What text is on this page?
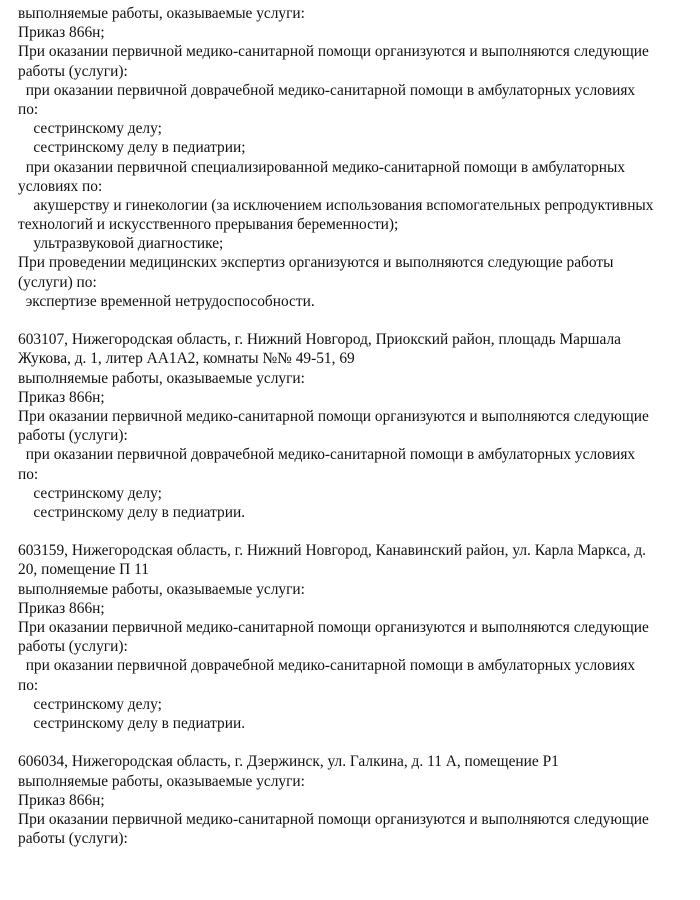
выполняемые работы, оказываемые услуги:

Приказ 866н;

При оказании первичной медико-санитарной помощи организуются и выполняются следующие

работы (услуги):

при оказании первичной доврачебной медико-санитарной помощи в амбулаторных условиях

по:

сестринскому делу;

сестринскому делу в педиатрии;

при оказании первичной специализированной медико-санитарной помощи в амбулаторных

условиях по:

акушерству и гинекологии (за исключением использования вспомогательных репродуктивных

технологий и искусственного прерывания беременности);

ультразвуковой диагностике;

При проведении медицинских экспертиз организуются и выполняются следующие работы

(услуги) по:

экспертизе временной нетрудоспособности.

603107, Нижегородская область, г. Нижний Новгород, Приокский район, площадь Маршала

Жукова, д. 1, литер АА1А2, комнаты №№ 49-51, 69

выполняемые работы, оказываемые услуги:

Приказ 866н;

При оказании первичной медико-санитарной помощи организуются и выполняются следующие

работы (услуги):

при оказании первичной доврачебной медико-санитарной помощи в амбулаторных условиях

по:

сестринскому делу;

сестринскому делу в педиатрии.

603159, Нижегородская область, г. Нижний Новгород, Канавинский район, ул. Карла Маркса, д.

20, помещение П 11

выполняемые работы, оказываемые услуги:

Приказ 866н;

При оказании первичной медико-санитарной помощи организуются и выполняются следующие

работы (услуги):

при оказании первичной доврачебной медико-санитарной помощи в амбулаторных условиях

по:

сестринскому делу;

сестринскому делу в педиатрии.

606034, Нижегородская область, г. Дзержинск, ул. Галкина, д. 11 А, помещение Р1

выполняемые работы, оказываемые услуги:

Приказ 866н;

При оказании первичной медико-санитарной помощи организуются и выполняются следующие

работы (услуги):
